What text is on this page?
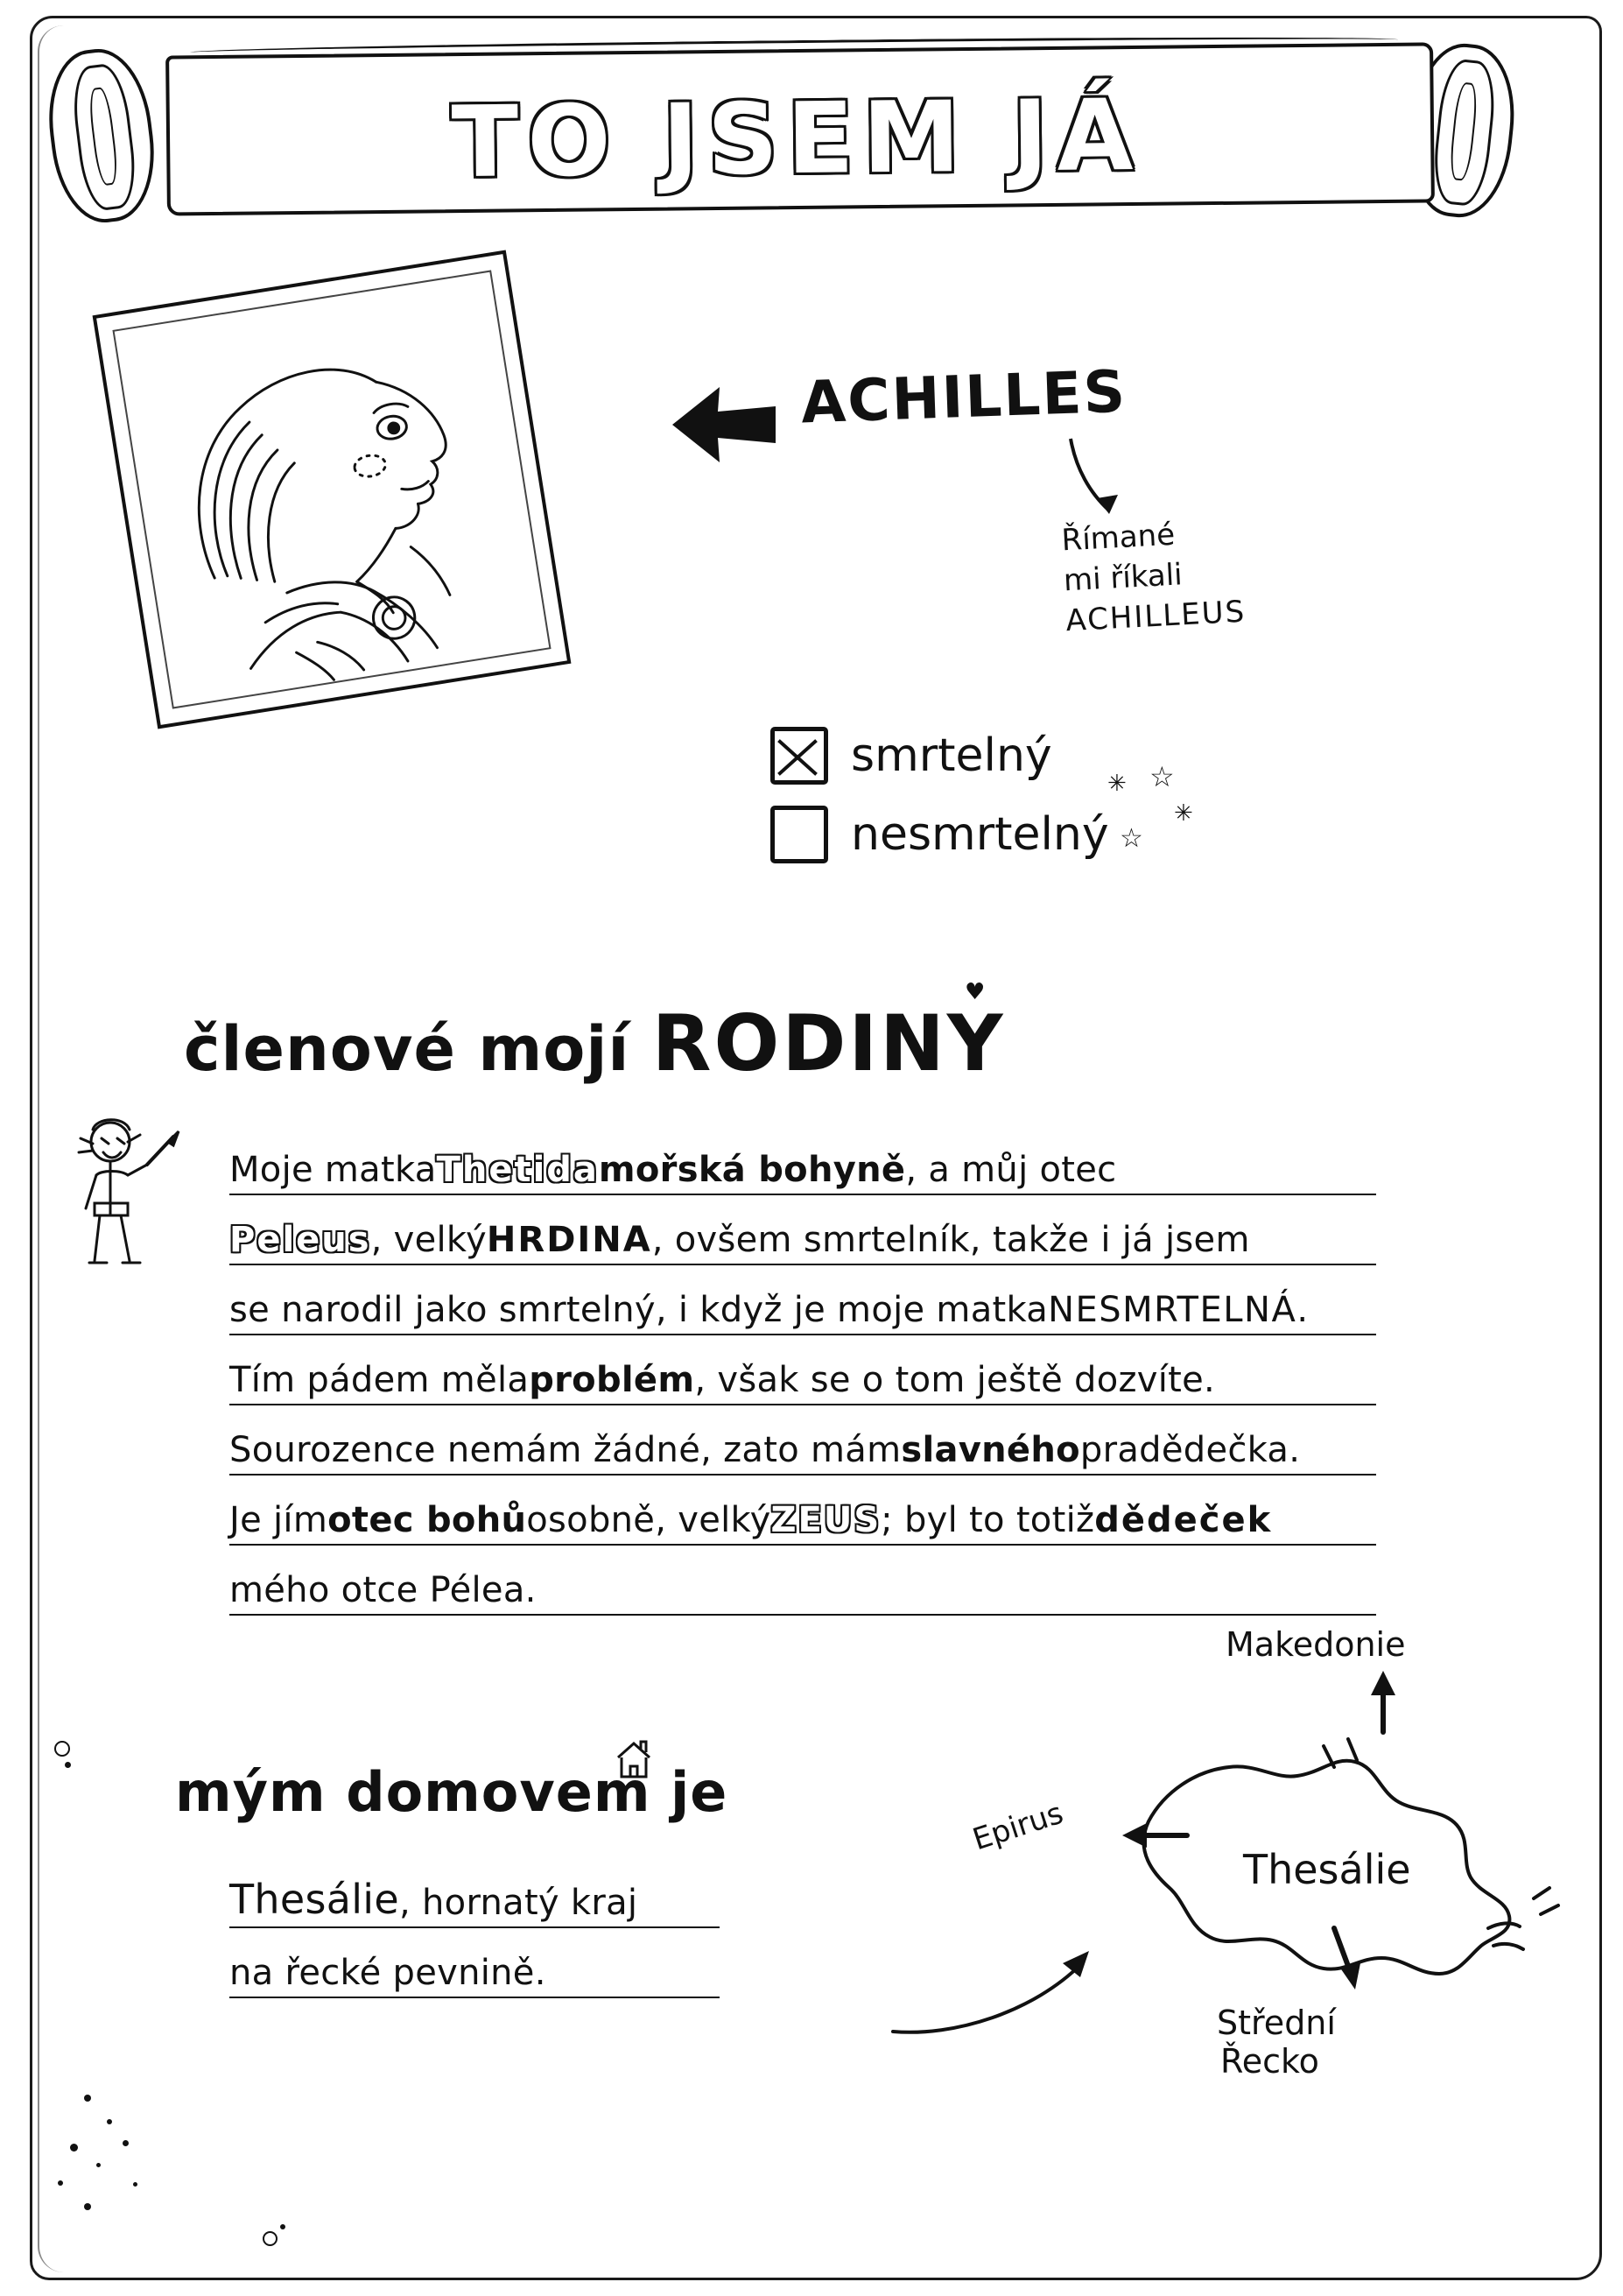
TO JSEM JÁ
ACHILLES
Římané
mi říkali
ACHILLEUS
smrtelný
nesmrtelný
✳ ☆
✳
☆
členové mojí RODINY
♥
Moje matka Thetida mořská bohyně , a můj otec
Peleus , velký HRDINA , ovšem smrtelník, takže i já jsem
se narodil jako smrtelný, i když je moje matka NESMRTELNÁ .
Tím pádem měla problém , však se o tom ještě dozvíte.
Sourozence nemám žádné, zato mám slavného pradědečka.
Je jím otec bohů osobně, velký ZEUS ; byl to totiž dědeček
mého otce Pélea.
mým domovem je
Thesálie , hornatý kraj
na řecké pevnině.
Makedonie
Epirus
Thesálie
Střední
Řecko
